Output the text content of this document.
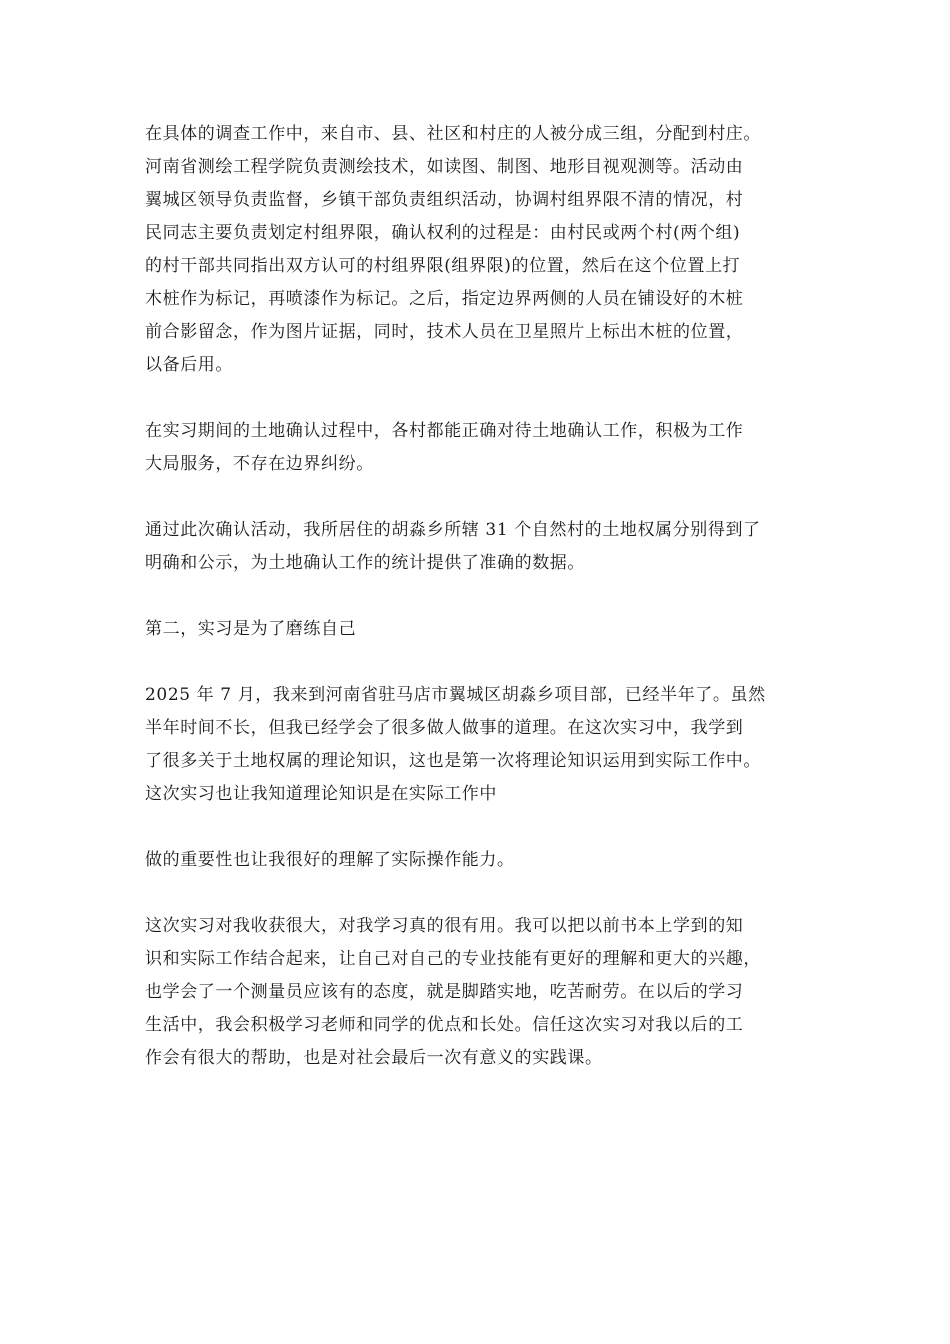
在具体的调查工作中，来自市、县、社区和村庄的人被分成三组，分配到村庄。
河南省测绘工程学院负责测绘技术，如读图、制图、地形目视观测等。活动由
翼城区领导负责监督，乡镇干部负责组织活动，协调村组界限不清的情况，村
民同志主要负责划定村组界限，确认权利的过程是：由村民或两个村(两个组)
的村干部共同指出双方认可的村组界限(组界限)的位置，然后在这个位置上打
木桩作为标记，再喷漆作为标记。之后，指定边界两侧的人员在铺设好的木桩
前合影留念，作为图片证据，同时，技术人员在卫星照片上标出木桩的位置，
以备后用。

在实习期间的土地确认过程中，各村都能正确对待土地确认工作，积极为工作
大局服务，不存在边界纠纷。

通过此次确认活动，我所居住的胡淼乡所辖 31 个自然村的土地权属分别得到了
明确和公示，为土地确认工作的统计提供了准确的数据。

第二，实习是为了磨练自己

2025 年 7 月，我来到河南省驻马店市翼城区胡淼乡项目部，已经半年了。虽然
半年时间不长，但我已经学会了很多做人做事的道理。在这次实习中，我学到
了很多关于土地权属的理论知识，这也是第一次将理论知识运用到实际工作中。
这次实习也让我知道理论知识是在实际工作中

做的重要性也让我很好的理解了实际操作能力。

这次实习对我收获很大，对我学习真的很有用。我可以把以前书本上学到的知
识和实际工作结合起来，让自己对自己的专业技能有更好的理解和更大的兴趣，
也学会了一个测量员应该有的态度，就是脚踏实地，吃苦耐劳。在以后的学习
生活中，我会积极学习老师和同学的优点和长处。信任这次实习对我以后的工
作会有很大的帮助，也是对社会最后一次有意义的实践课。
